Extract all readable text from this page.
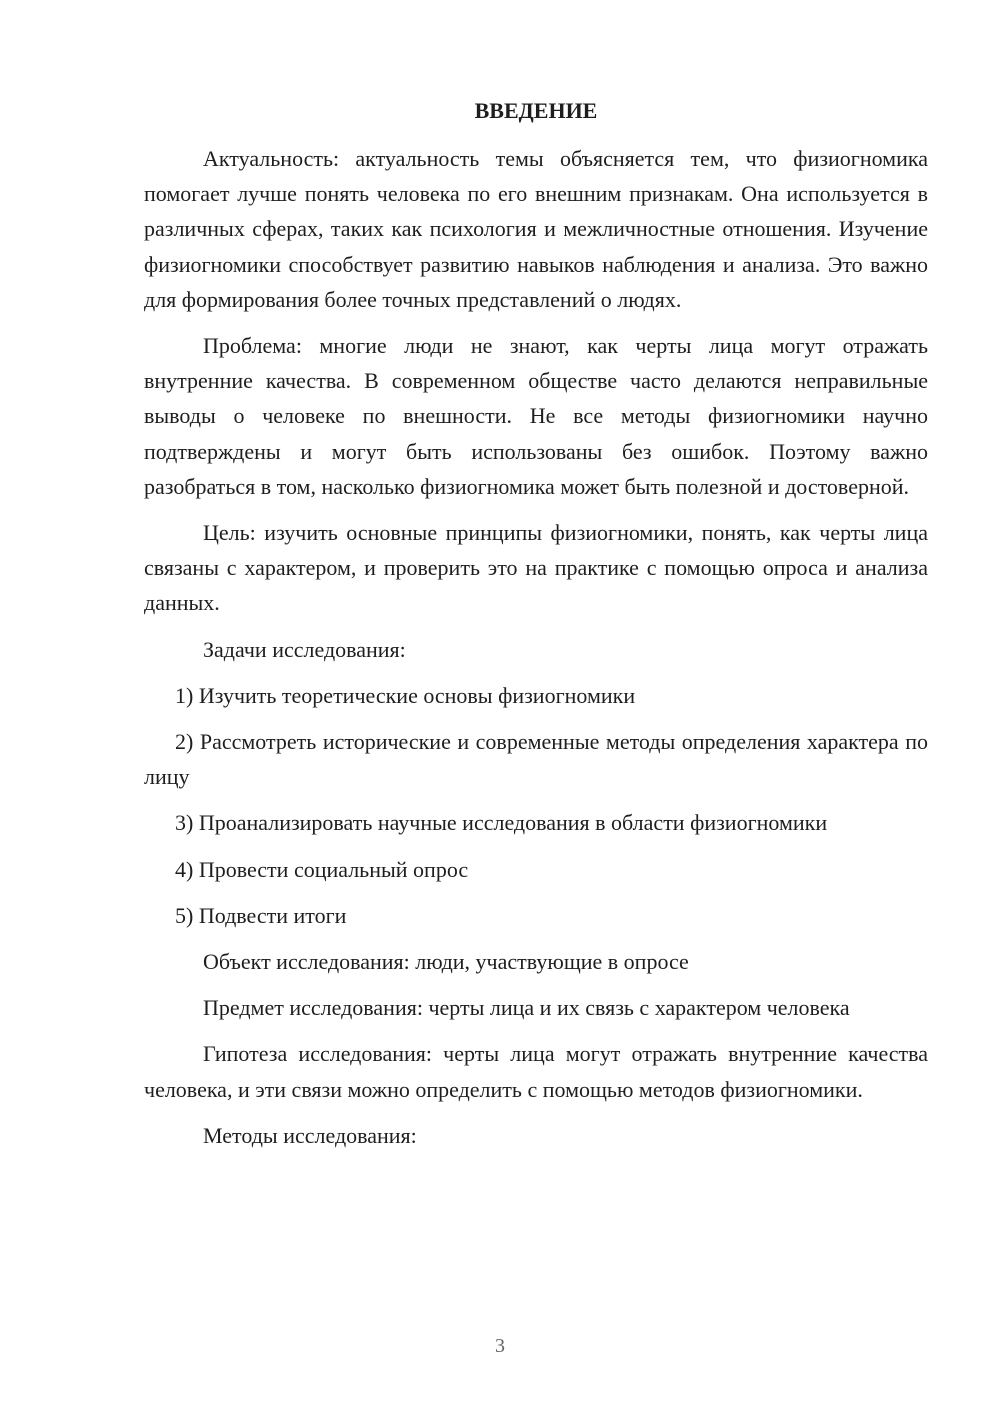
ВВЕДЕНИЕ

Актуальность: актуальность темы объясняется тем, что физиогномика помогает лучше понять человека по его внешним признакам. Она используется в различных сферах, таких как психология и межличностные отношения. Изучение физиогномики способствует развитию навыков наблюдения и анализа. Это важно для формирования более точных представлений о людях.

Проблема: многие люди не знают, как черты лица могут отражать внутренние качества. В современном обществе часто делаются неправильные выводы о человеке по внешности. Не все методы физиогномики научно подтверждены и могут быть использованы без ошибок. Поэтому важно разобраться в том, насколько физиогномика может быть полезной и достоверной.

Цель: изучить основные принципы физиогномики, понять, как черты лица связаны с характером, и проверить это на практике с помощью опроса и анализа данных.

Задачи исследования:

1) Изучить теоретические основы физиогномики

2) Рассмотреть исторические и современные методы определения характера по лицу

3) Проанализировать научные исследования в области физиогномики

4) Провести социальный опрос

5) Подвести итоги

Объект исследования: люди, участвующие в опросе

Предмет исследования: черты лица и их связь с характером человека

Гипотеза исследования: черты лица могут отражать внутренние качества человека, и эти связи можно определить с помощью методов физиогномики.

Методы исследования:

3
